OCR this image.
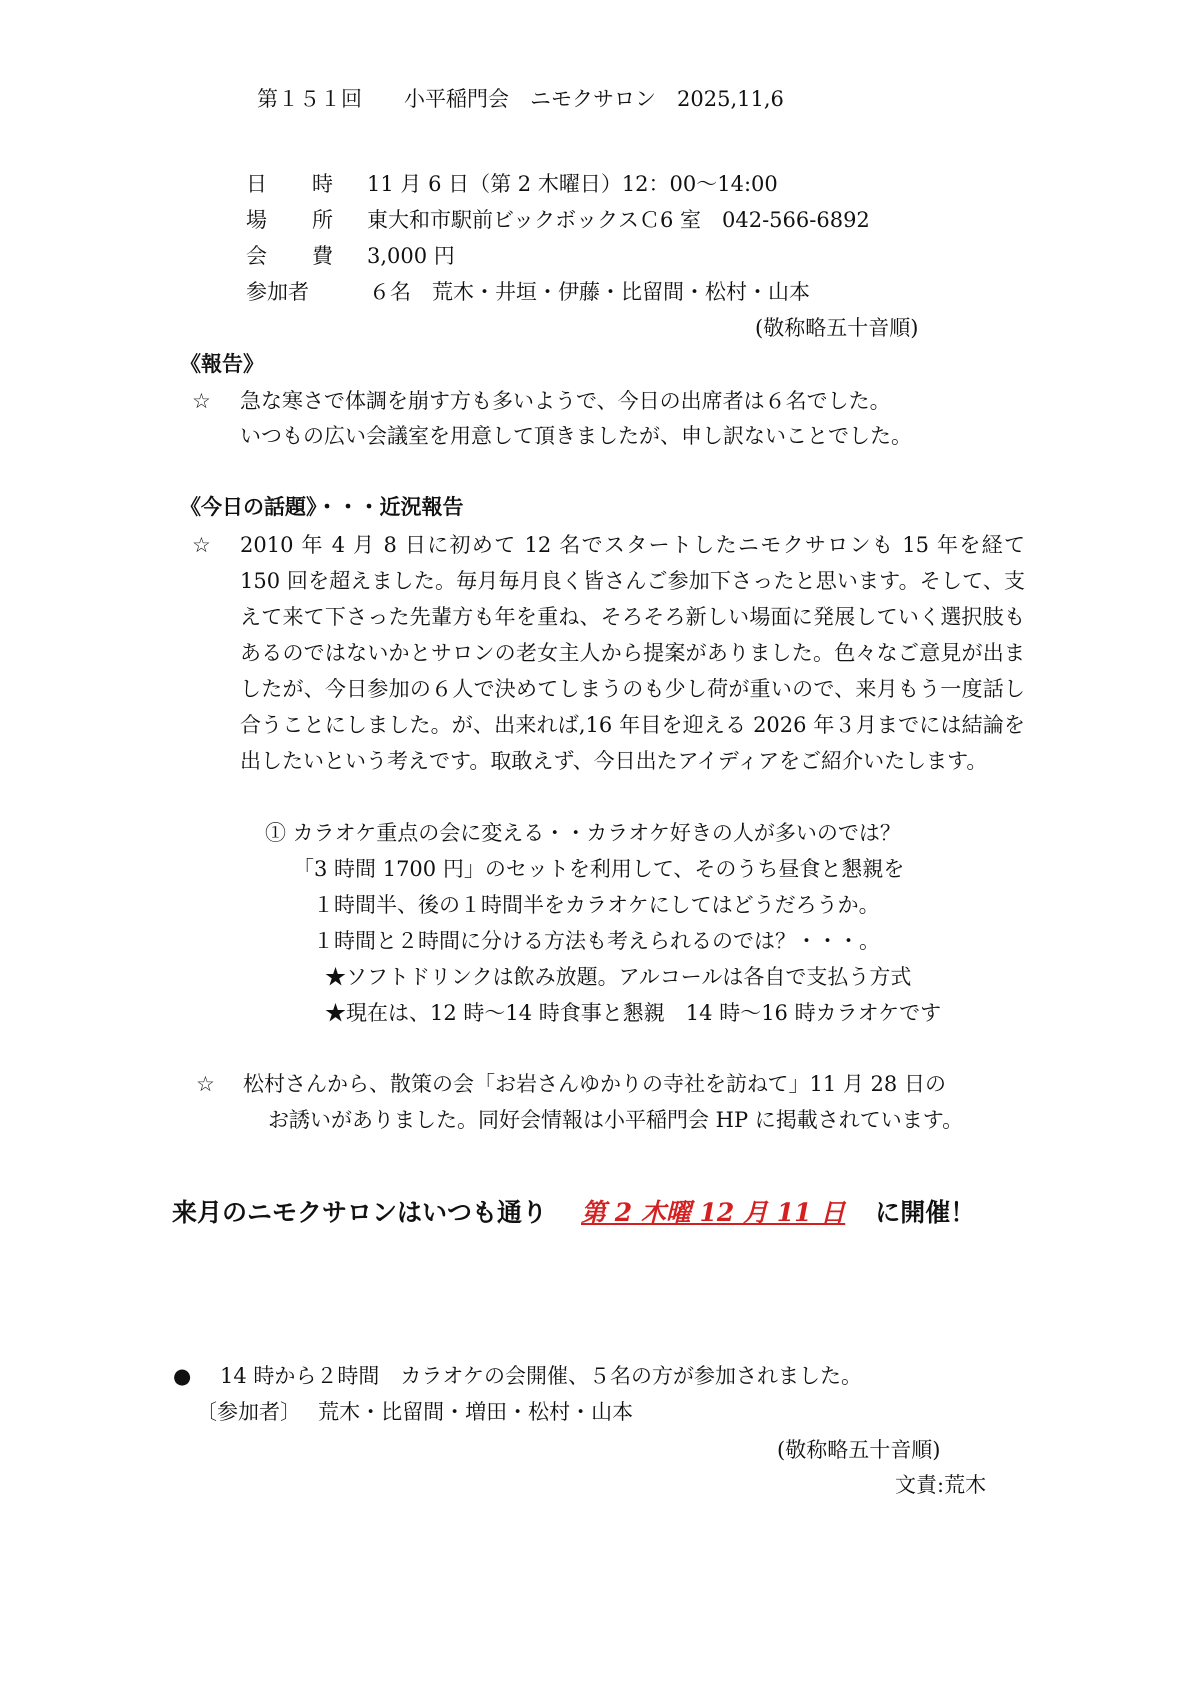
第１５１回　　小平稲門会　ニモクサロン　2025,11,6
日　時 11 月 6 日（第 2 木曜日）12：00～14:00
場　所 東大和市駅前ビックボックスＣ6 室　042-566-6892
会　費 3,000 円
参加者	６名　荒木・井垣・伊藤・比留間・松村・山本
(敬称略五十音順)
《報告》
☆ 急な寒さで体調を崩す方も多いようで、今日の出席者は６名でした。
いつもの広い会議室を用意して頂きましたが、申し訳ないことでした。
《今日の話題》・・・近況報告
☆ 2010 年 4 月 8 日に初めて 12 名でスタートしたニモクサロンも 15 年を経て 150 回を超えました。毎月毎月良く皆さんご参加下さったと思います。そして、支えて来て下さった先輩方も年を重ね、そろそろ新しい場面に発展していく選択肢もあるのではないかとサロンの老女主人から提案がありました。色々なご意見が出ましたが、今日参加の６人で決めてしまうのも少し荷が重いので、来月もう一度話し合うことにしました。が、出来れば,16 年目を迎える 2026 年３月までには結論を出したいという考えです。取敢えず、今日出たアイディアをご紹介いたします。
① カラオケ重点の会に変える・・カラオケ好きの人が多いのでは？
「3 時間 1700 円」のセットを利用して、そのうち昼食と懇親を
１時間半、後の１時間半をカラオケにしてはどうだろうか。
１時間と２時間に分ける方法も考えられるのでは？・・・。
★ソフトドリンクは飲み放題。アルコールは各自で支払う方式
★現在は、12 時～14 時食事と懇親　14 時～16 時カラオケです
☆ 松村さんから、散策の会「お岩さんゆかりの寺社を訪ねて」11 月 28 日の
お誘いがありました。同好会情報は小平稲門会 HP に掲載されています。
来月のニモクサロンはいつも通り 第 2 木曜 12 月 11 日 に開催！
● 14 時から２時間　カラオケの会開催、５名の方が参加されました。
〔参加者〕　 荒木・比留間・増田・松村・山本
(敬称略五十音順)
文責:荒木
